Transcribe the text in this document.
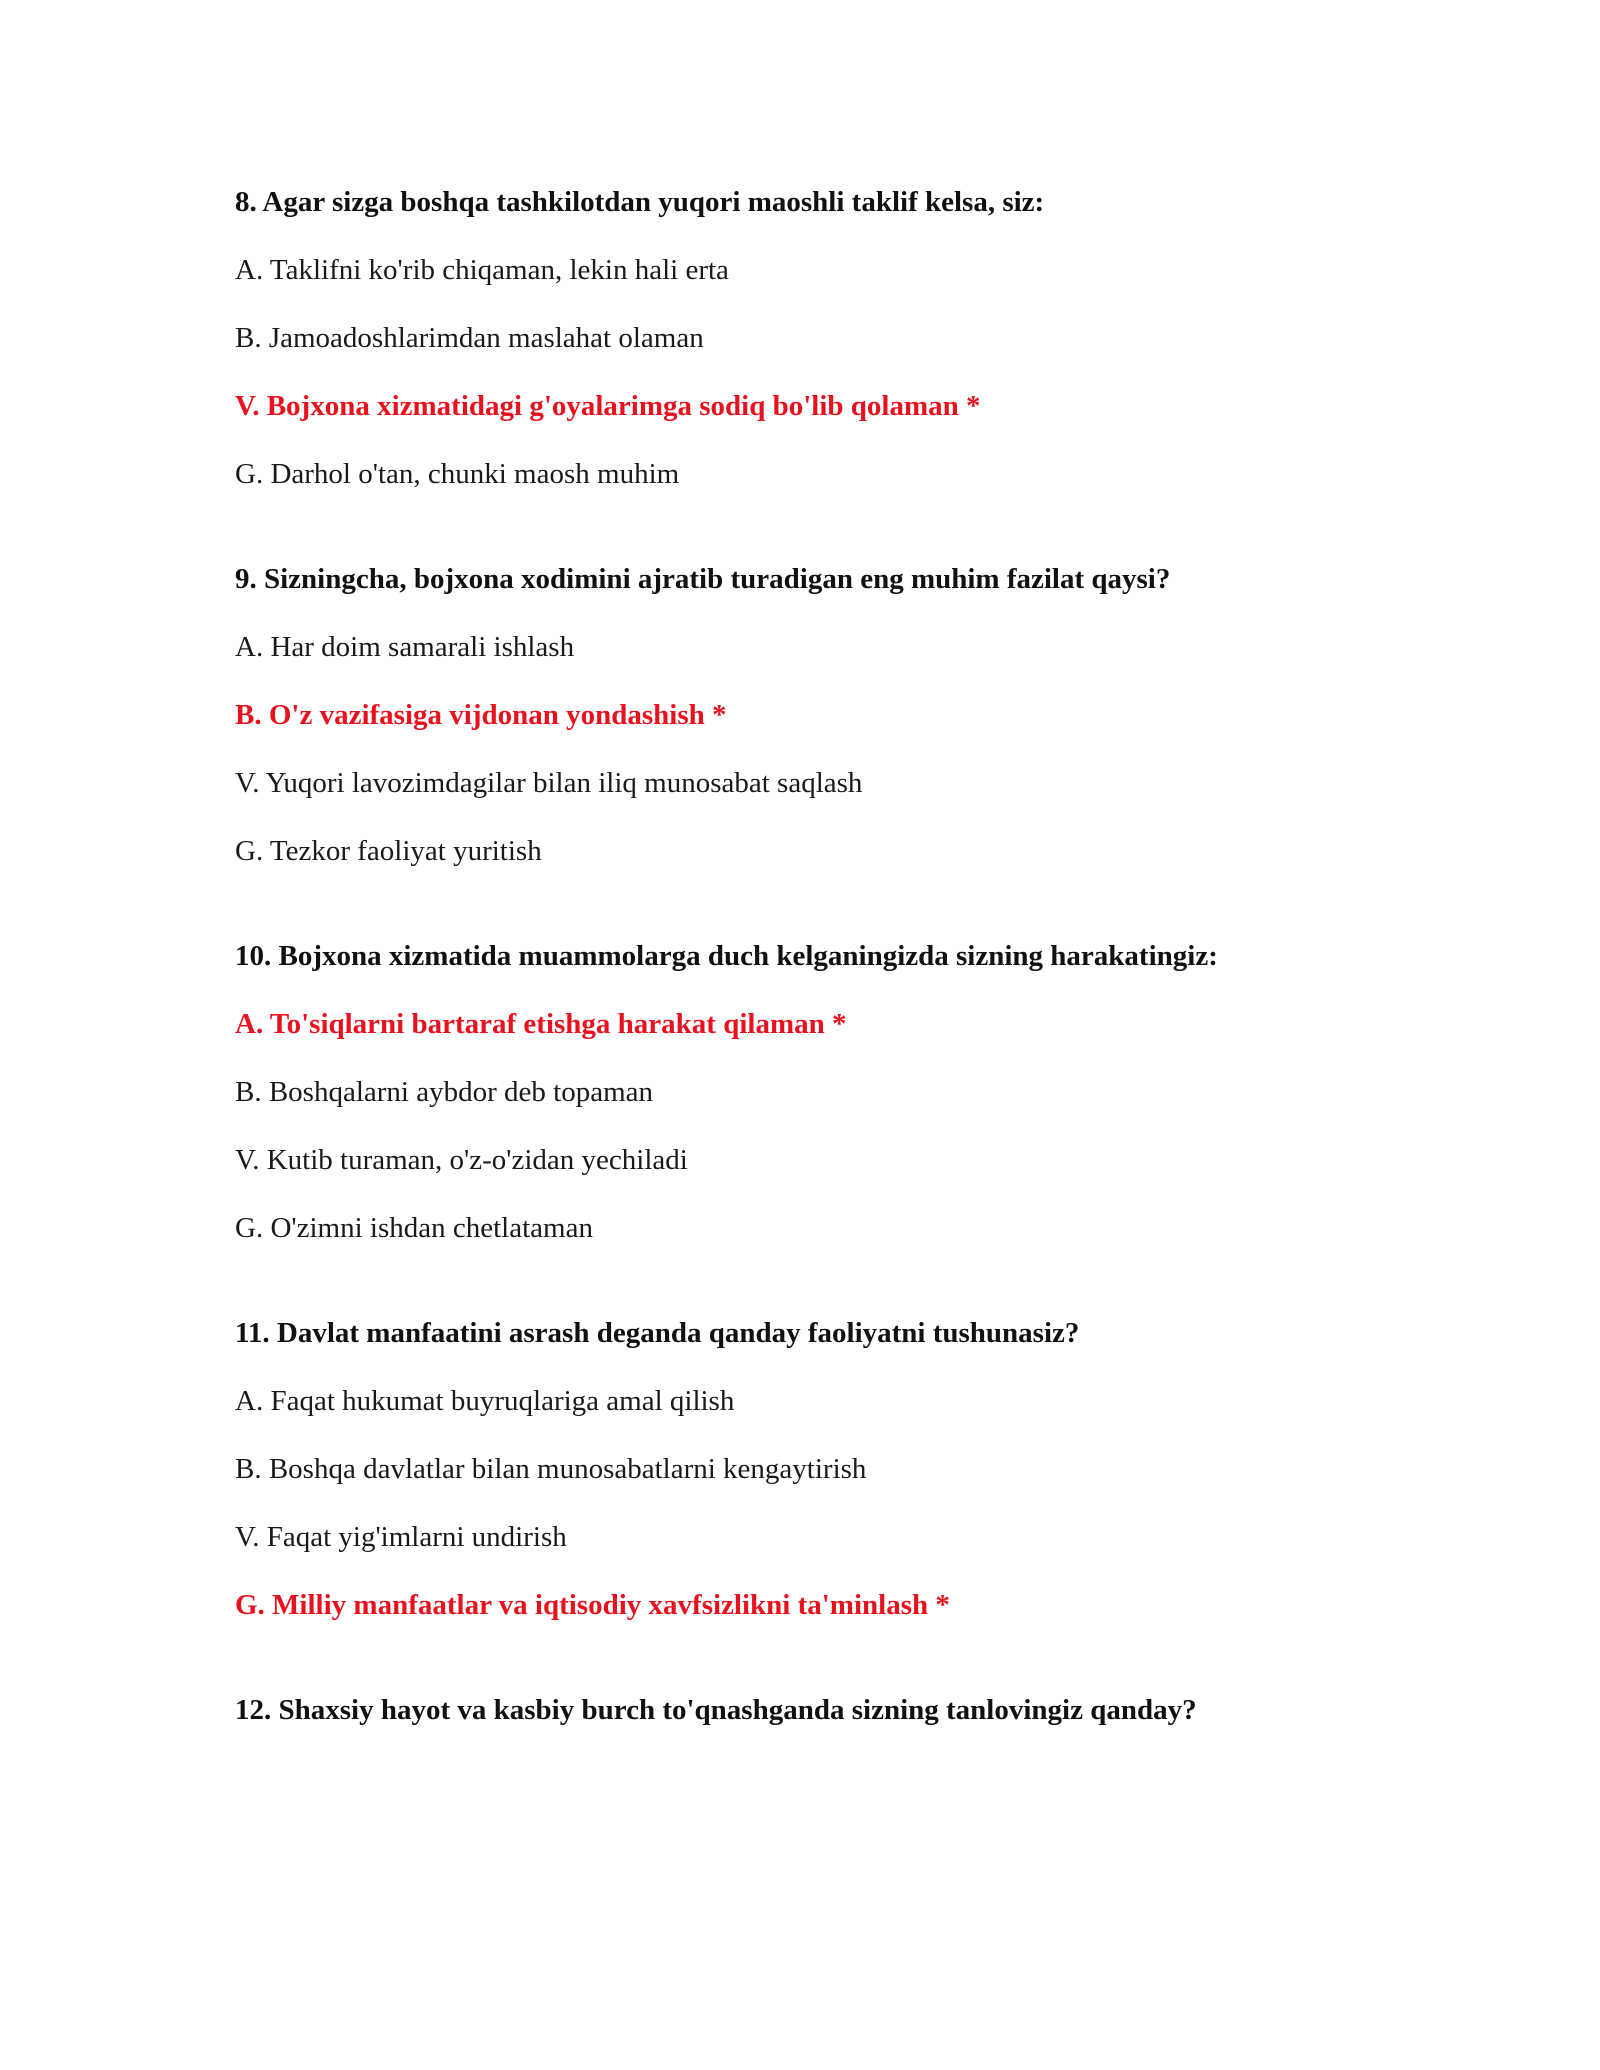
8. Agar sizga boshqa tashkilotdan yuqori maoshli taklif kelsa, siz:
A. Taklifni ko'rib chiqaman, lekin hali erta
B. Jamoadoshlarimdan maslahat olaman
V. Bojxona xizmatidagi g'oyalarimga sodiq bo'lib qolaman *
G. Darhol o'tan, chunki maosh muhim
9. Sizningcha, bojxona xodimini ajratib turadigan eng muhim fazilat qaysi?
A. Har doim samarali ishlash
B. O'z vazifasiga vijdonan yondashish *
V. Yuqori lavozimdagilar bilan iliq munosabat saqlash
G. Tezkor faoliyat yuritish
10. Bojxona xizmatida muammolarga duch kelganingizda sizning harakatingiz:
A. To'siqlarni bartaraf etishga harakat qilaman *
B. Boshqalarni aybdor deb topaman
V. Kutib turaman, o'z-o'zidan yechiladi
G. O'zimni ishdan chetlataman
11. Davlat manfaatini asrash deganda qanday faoliyatni tushunasiz?
A. Faqat hukumat buyruqlariga amal qilish
B. Boshqa davlatlar bilan munosabatlarni kengaytirish
V. Faqat yig'imlarni undirish
G. Milliy manfaatlar va iqtisodiy xavfsizlikni ta'minlash *
12. Shaxsiy hayot va kasbiy burch to'qnashganda sizning tanlovingiz qanday?
